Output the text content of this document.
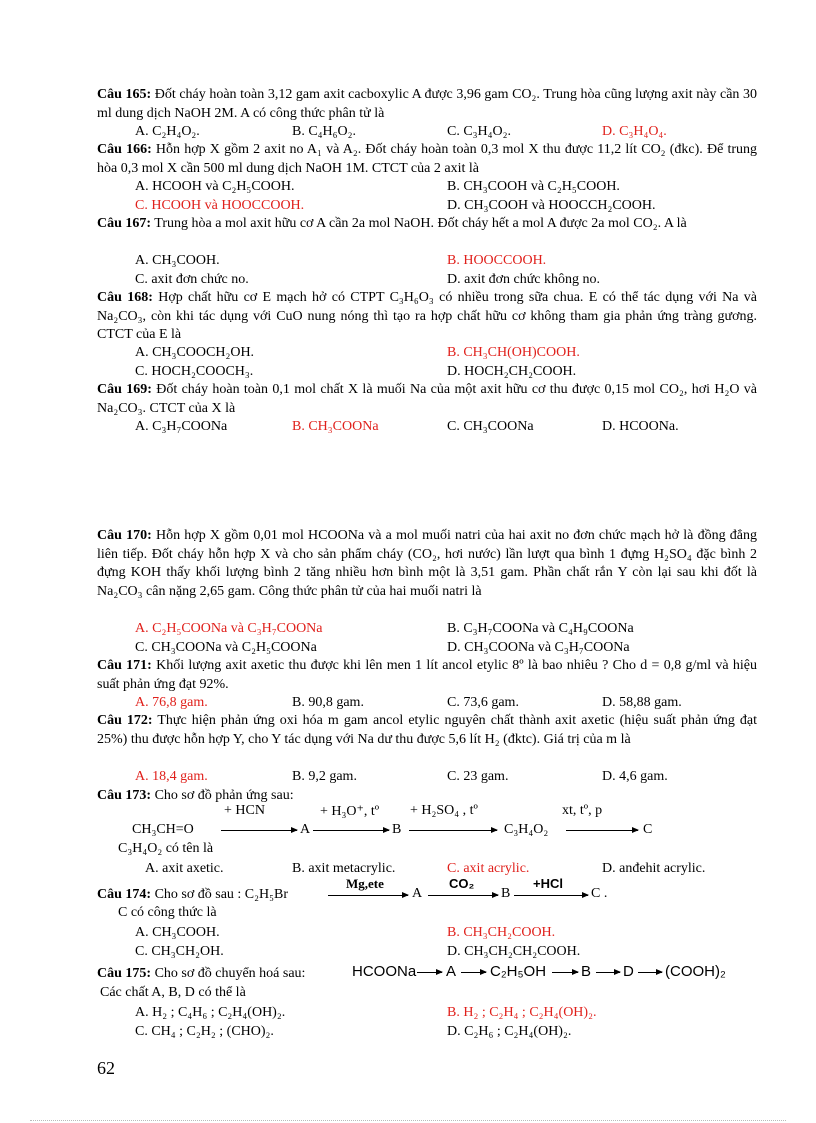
Câu 165: Đốt cháy hoàn toàn 3,12 gam axit cacboxylic A được 3,96 gam CO₂. Trung hòa cũng lượng axit này cần 30 ml dung dịch NaOH 2M. A có công thức phân tử là
A. C₂H₄O₂.	B. C₄H₆O₂.	C. C₃H₄O₂.	D. C₃H₄O₄.
Câu 166: Hỗn hợp X gồm 2 axit no A₁ và A₂. Đốt cháy hoàn toàn 0,3 mol X thu được 11,2 lít CO₂ (đkc). Để trung hòa 0,3 mol X cần 500 ml dung dịch NaOH 1M. CTCT của 2 axit là
A. HCOOH và C₂H₅COOH.	B. CH₃COOH và C₂H₅COOH.
C. HCOOH và HOOCCOOH.	D. CH₃COOH và HOOCCH₂COOH.
Câu 167: Trung hòa a mol axit hữu cơ A cần 2a mol NaOH. Đốt cháy hết a mol A được 2a mol CO₂. A là
A. CH₃COOH.	B. HOOCCOOH.
C. axit đơn chức no.	D. axit đơn chức không no.
Câu 168: Hợp chất hữu cơ E mạch hở có CTPT C₃H₆O₃ có nhiều trong sữa chua. E có thể tác dụng với Na và Na₂CO₃, còn khi tác dụng với CuO nung nóng thì tạo ra hợp chất hữu cơ không tham gia phản ứng tràng gương. CTCT của E là
A. CH₃COOCH₂OH.	B. CH₃CH(OH)COOH.
C. HOCH₂COOCH₃.	D. HOCH₂CH₂COOH.
Câu 169: Đốt cháy hoàn toàn 0,1 mol chất X là muối Na của một axit hữu cơ thu được 0,15 mol CO₂, hơi H₂O và Na₂CO₃. CTCT của X là
A. C₃H₇COONa	B. CH₃COONa	C. CH₃COONa	D. HCOONa.
Câu 170: Hỗn hợp X gồm 0,01 mol HCOONa và a mol muối natri của hai axit no đơn chức mạch hở là đồng đẳng liên tiếp. Đốt cháy hỗn hợp X và cho sản phẩm cháy (CO₂, hơi nước) lần lượt qua bình 1 đựng H₂SO₄ đặc bình 2 đựng KOH thấy khối lượng bình 2 tăng nhiều hơn bình một là 3,51 gam. Phần chất rắn Y còn lại sau khi đốt là Na₂CO₃ cân nặng 2,65 gam. Công thức phân tử của hai muối natri là
A. C₂H₅COONa và C₃H₇COONa	B. C₃H₇COONa và C₄H₉COONa
C. CH₃COONa và C₂H₅COONa	D. CH₃COONa và C₃H₇COONa
Câu 171: Khối lượng axit axetic thu được khi lên men 1 lít ancol etylic 8º là bao nhiêu ? Cho d = 0,8 g/ml và hiệu suất phản ứng đạt 92%.
A. 76,8 gam.	B. 90,8 gam.	C. 73,6 gam.	D. 58,88 gam.
Câu 172: Thực hiện phản ứng oxi hóa m gam ancol etylic nguyên chất thành axit axetic (hiệu suất phản ứng đạt 25%) thu được hỗn hợp Y, cho Y tác dụng với Na dư thu được 5,6 lít H₂ (đktc). Giá trị của m là
A. 18,4 gam.	B. 9,2 gam.	C. 23 gam.	D. 4,6 gam.
Câu 173: Cho sơ đồ phản ứng sau:
+ HCN	+ H₃O⁺, tº + H₂SO₄ , tº	xt, tº, p
CH₃CH=O	A	B	C₃H₄O₂	C
C₃H₄O₂ có tên là
A. axit axetic.	B. axit metacrylic.	C. axit acrylic.	D. anđehit acrylic.
Câu 174: Cho sơ đồ sau : C₂H₅Br
Mg,ete
A
CO₂
B
+HCl
C .
C có công thức là
A. CH₃COOH.	B. CH₃CH₂COOH.
C. CH₃CH₂OH.	D. CH₃CH₂CH₂COOH.
Câu 175: Cho sơ đồ chuyển hoá sau:	HCOONa → A → C₂H₅OH → B → D → (COOH)₂
Các chất A, B, D có thể là
A. H₂ ; C₄H₆ ; C₂H₄(OH)₂.	B. H₂ ; C₂H₄ ; C₂H₄(OH)₂.
C. CH₄ ; C₂H₂ ; (CHO)₂.	D. C₂H₆ ; C₂H₄(OH)₂.
62
